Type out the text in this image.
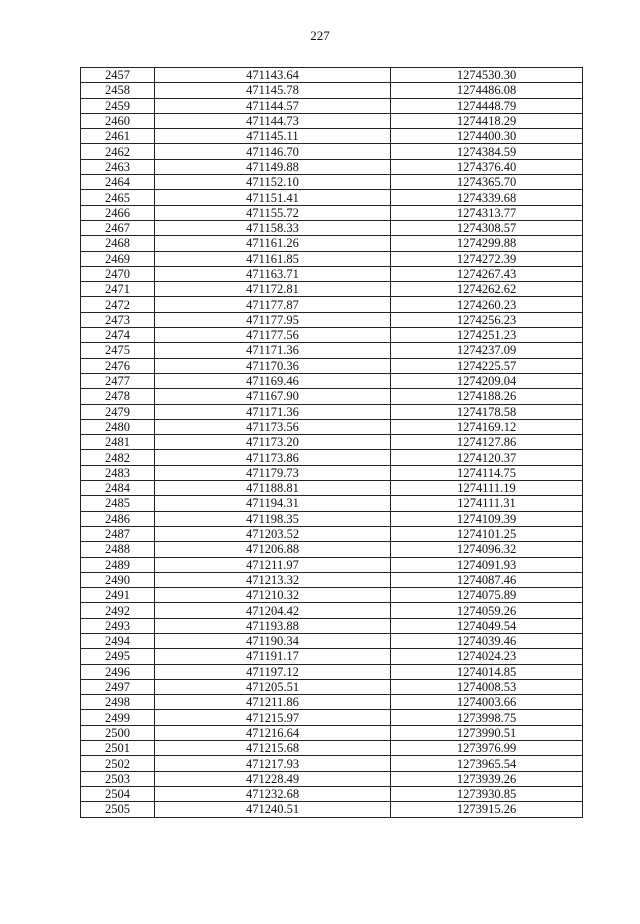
227
2457	471143.64	1274530.30
2458	471145.78	1274486.08
2459	471144.57	1274448.79
2460	471144.73	1274418.29
2461	471145.11	1274400.30
2462	471146.70	1274384.59
2463	471149.88	1274376.40
2464	471152.10	1274365.70
2465	471151.41	1274339.68
2466	471155.72	1274313.77
2467	471158.33	1274308.57
2468	471161.26	1274299.88
2469	471161.85	1274272.39
2470	471163.71	1274267.43
2471	471172.81	1274262.62
2472	471177.87	1274260.23
2473	471177.95	1274256.23
2474	471177.56	1274251.23
2475	471171.36	1274237.09
2476	471170.36	1274225.57
2477	471169.46	1274209.04
2478	471167.90	1274188.26
2479	471171.36	1274178.58
2480	471173.56	1274169.12
2481	471173.20	1274127.86
2482	471173.86	1274120.37
2483	471179.73	1274114.75
2484	471188.81	1274111.19
2485	471194.31	1274111.31
2486	471198.35	1274109.39
2487	471203.52	1274101.25
2488	471206.88	1274096.32
2489	471211.97	1274091.93
2490	471213.32	1274087.46
2491	471210.32	1274075.89
2492	471204.42	1274059.26
2493	471193.88	1274049.54
2494	471190.34	1274039.46
2495	471191.17	1274024.23
2496	471197.12	1274014.85
2497	471205.51	1274008.53
2498	471211.86	1274003.66
2499	471215.97	1273998.75
2500	471216.64	1273990.51
2501	471215.68	1273976.99
2502	471217.93	1273965.54
2503	471228.49	1273939.26
2504	471232.68	1273930.85
2505	471240.51	1273915.26
